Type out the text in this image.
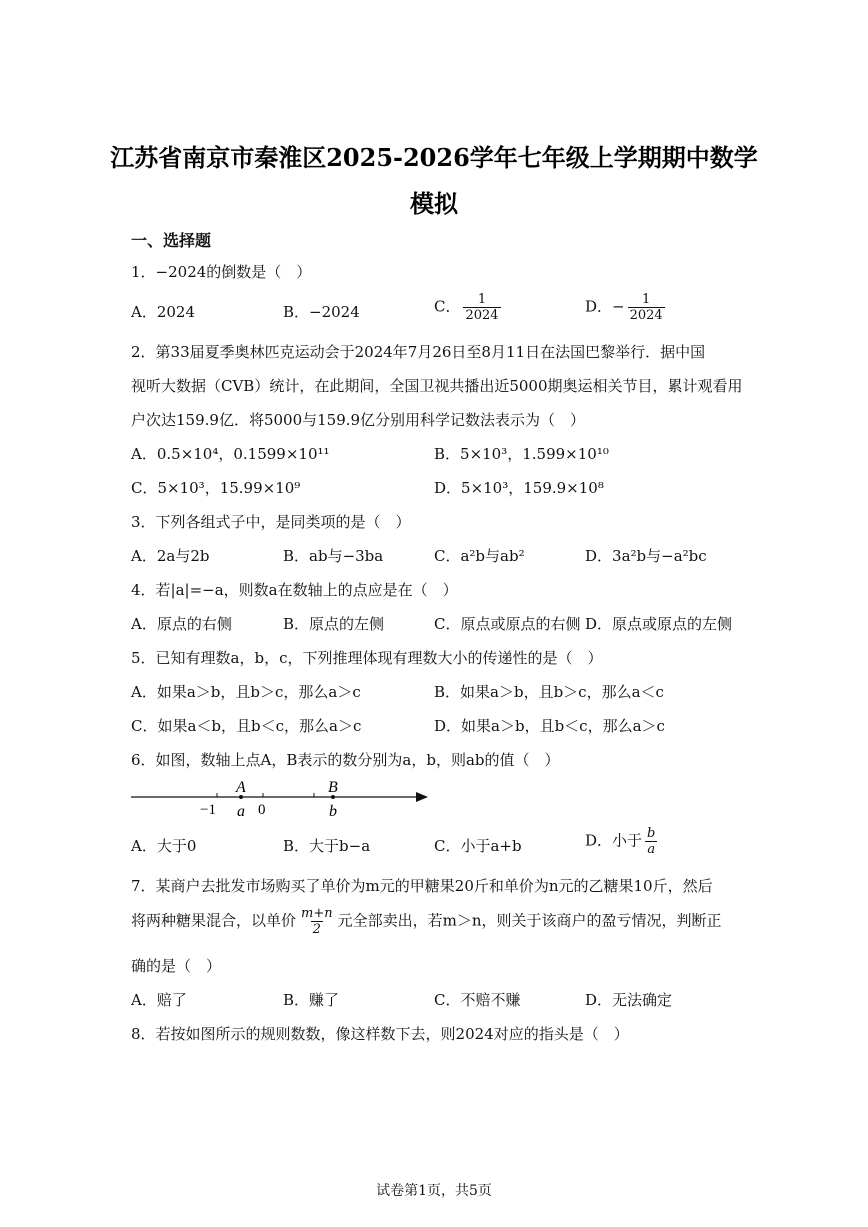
江苏省南京市秦淮区2025-2026学年七年级上学期期中数学
模拟
一、选择题
1．−2024的倒数是（　）
A．2024	B．−2024	C． $\frac{1}{2024}$	D．− $\frac{1}{2024}$
2．第33届夏季奥林匹克运动会于2024年7月26日至8月11日在法国巴黎举行．据中国
视听大数据（CVB）统计，在此期间，全国卫视共播出近5000期奥运相关节目，累计观看用
户次达159.9亿．将5000与159.9亿分别用科学记数法表示为（　）
A．0.5×10⁴，0.1599×10¹¹	B．5×10³，1.599×10¹⁰
C．5×10³，15.99×10⁹	D．5×10³，159.9×10⁸
3．下列各组式子中，是同类项的是（　）
A．2a与2b	B．ab与−3ba	C．a²b与ab²	D．3a²b与−a²bc
4．若|a|=−a，则数a在数轴上的点应是在（　）
A．原点的右侧	B．原点的左侧	C．原点或原点的右侧 D．原点或原点的左侧
5．已知有理数a，b，c，下列推理体现有理数大小的传递性的是（　）
A．如果a＞b，且b＞c，那么a＞c	B．如果a＞b，且b＞c，那么a＜c
C．如果a＜b，且b＜c，那么a＞c	D．如果a＞b，且b＜c，那么a＞c
6．如图，数轴上点A，B表示的数分别为a，b，则ab的值（　）
A
a
B
b
−1	0
A．大于0	B．大于b−a	C．小于a+b	D．小于 $\frac{b}{a}$
7．某商户去批发市场购买了单价为m元的甲糖果20斤和单价为n元的乙糖果10斤，然后
将两种糖果混合，以单价 $\frac{m+n}{2}$ 元全部卖出，若m＞n，则关于该商户的盈亏情况，判断正
确的是（　）
A．赔了	B．赚了	C．不赔不赚	D．无法确定
8．若按如图所示的规则数数，像这样数下去，则2024对应的指头是（　）
试卷第1页，共5页
